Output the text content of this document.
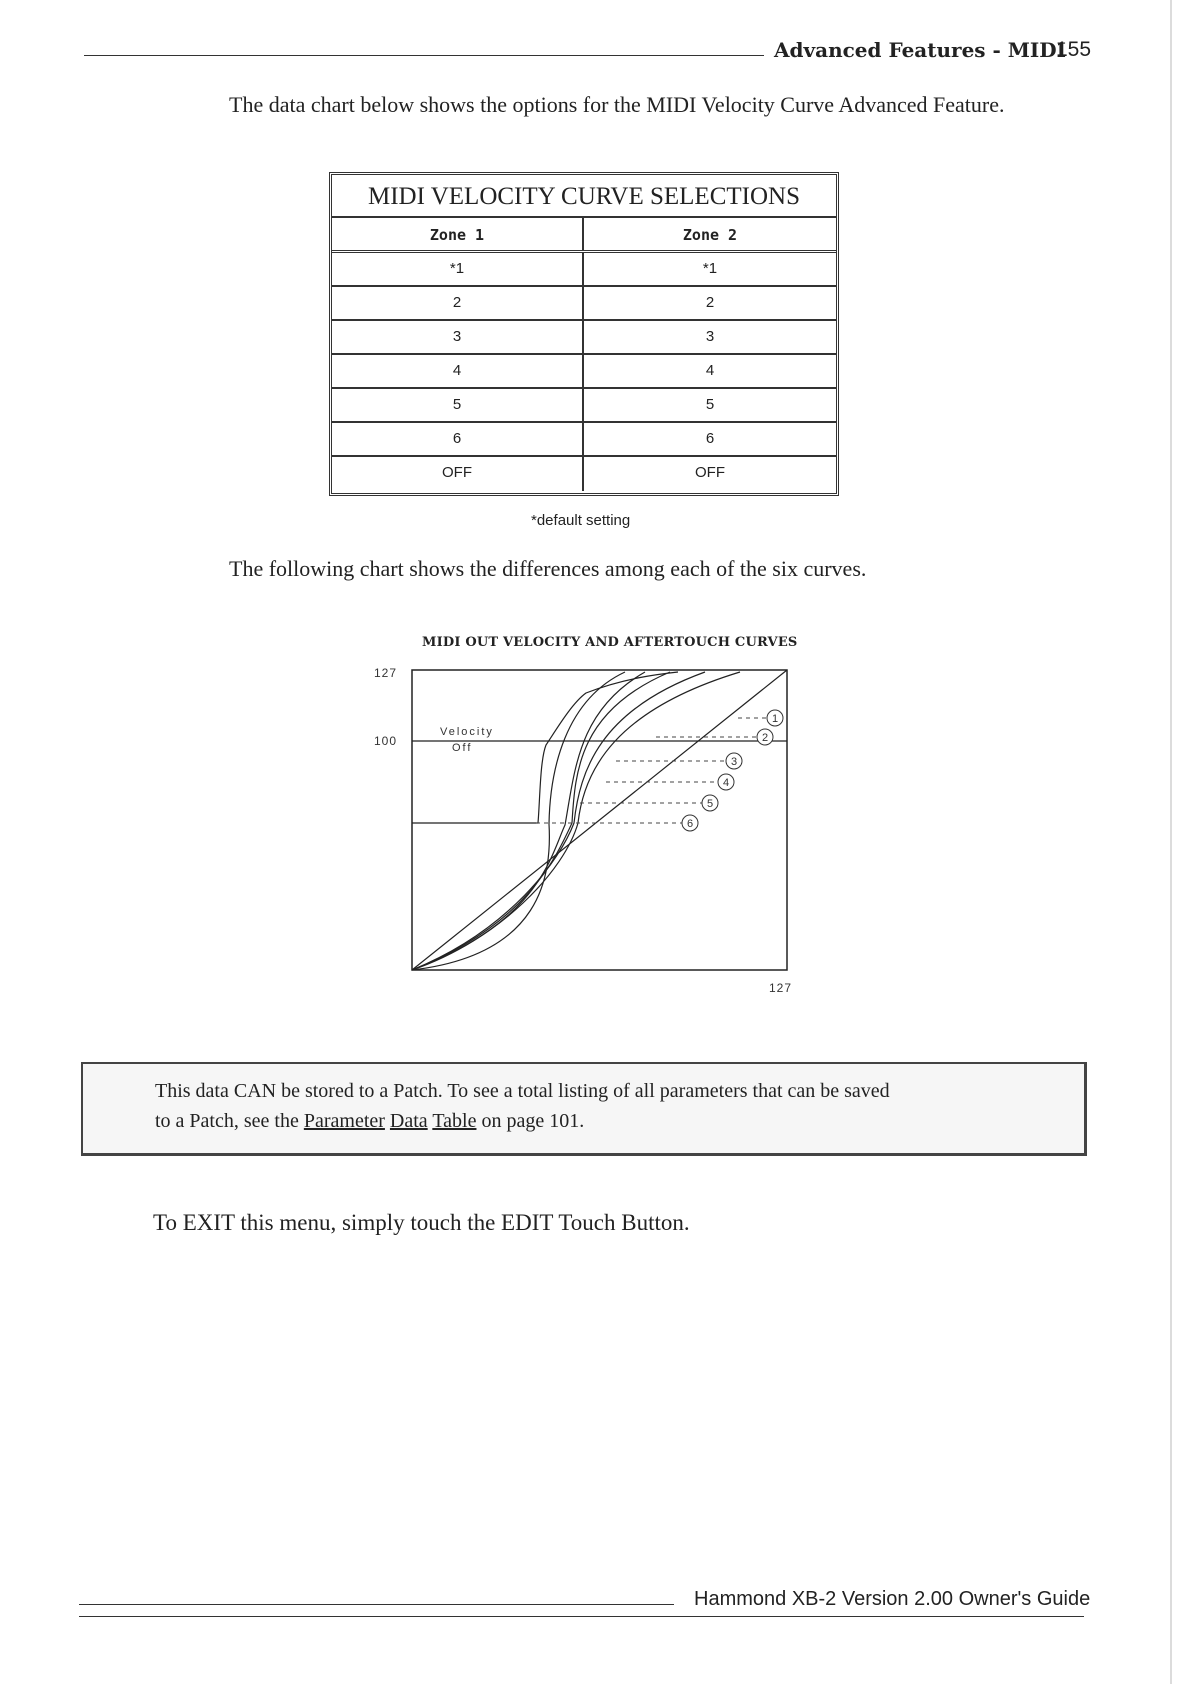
Advanced Features - MIDI
155
The data chart below shows the options for the MIDI Velocity Curve Advanced Feature.
MIDI VELOCITY CURVE SELECTIONS
Zone 1	Zone 2
*1	*1
2	2
3	3
4	4
5	5
6	6
OFF	OFF
*default setting
The following chart shows the differences among each of the six curves.
MIDI OUT VELOCITY AND AFTERTOUCH CURVES
127
100
127
Velocity
Off
1
2
3
4
5
6
This data CAN be stored to a Patch. To see a total listing of all parameters that can be saved
to a Patch, see the Parameter Data Table on page 101.
To EXIT this menu, simply touch the EDIT Touch Button.
Hammond XB-2 Version 2.00 Owner's Guide
